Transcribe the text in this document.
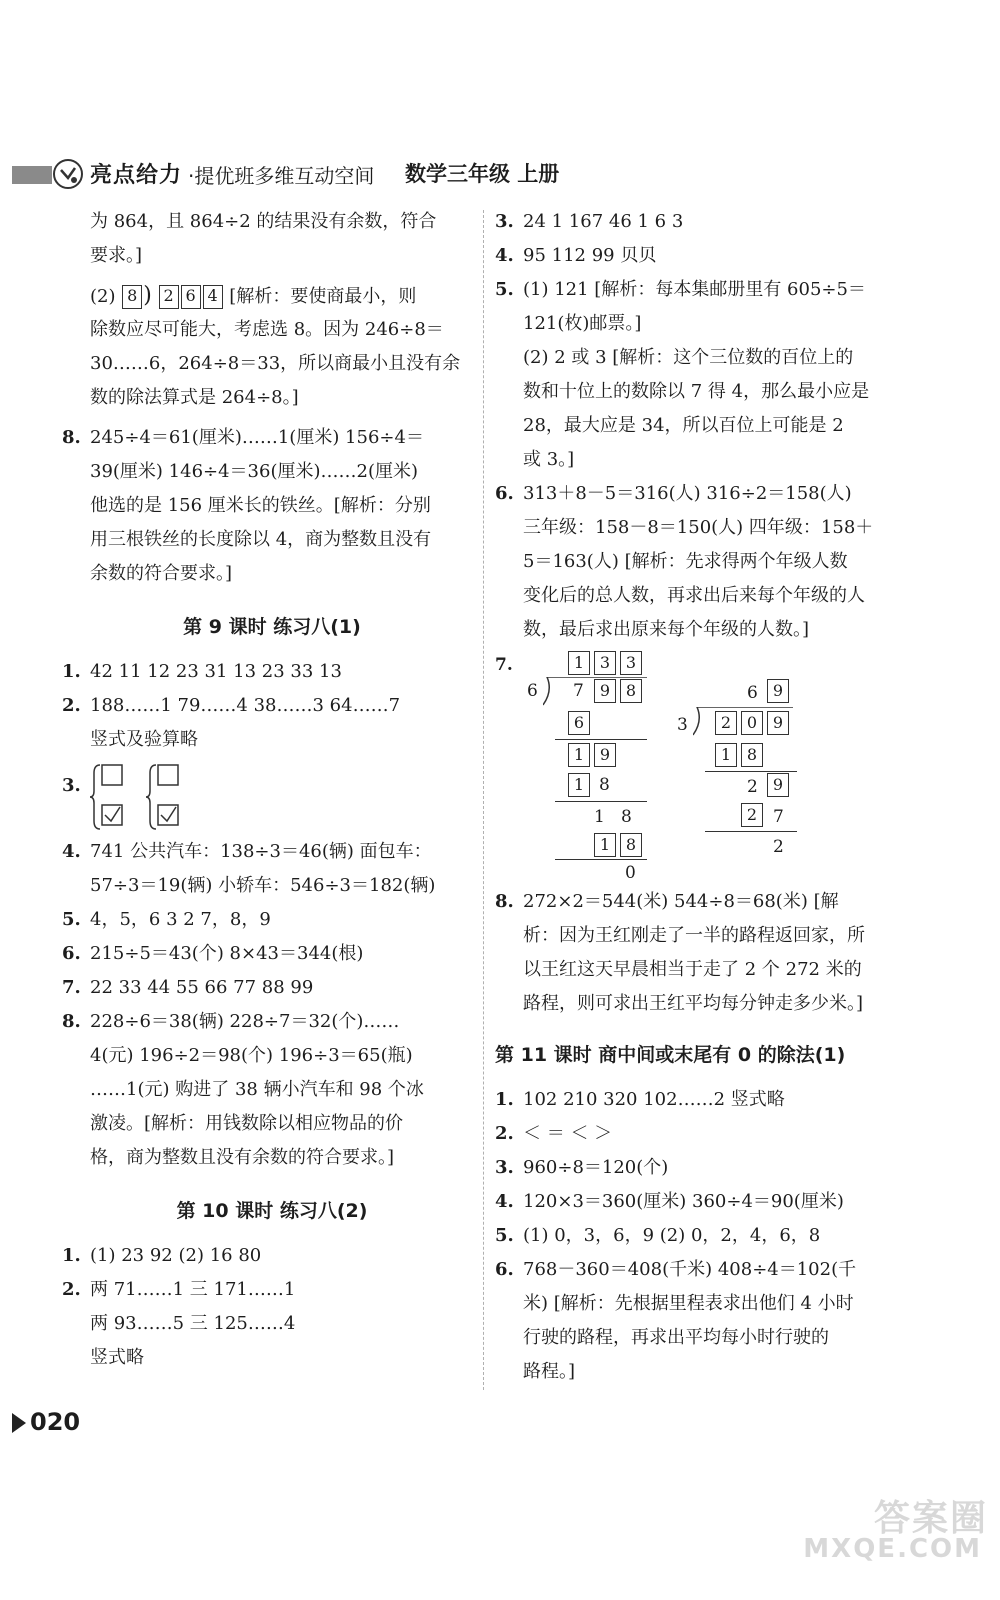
亮点给力 ·提优班多维互动空间 数学三年级 上册
为 864，且 864÷2 的结果没有余数，符合
要求。]
(2) 8 ) 2 6 4 [解析：要使商最小，则
除数应尽可能大，考虑选 8。因为 246÷8＝
30……6，264÷8＝33，所以商最小且没有余
数的除法算式是 264÷8。]
8. 245÷4＝61(厘米)……1(厘米) 156÷4＝
39(厘米) 146÷4＝36(厘米)……2(厘米)
他选的是 156 厘米长的铁丝。[解析：分别
用三根铁丝的长度除以 4，商为整数且没有
余数的符合要求。]
第 9 课时 练习八(1)
1. 42 11 12 23 31 13 23 33 13
2. 188……1 79……4 38……3 64……7
竖式及验算略
3.
4. 741 公共汽车：138÷3＝46(辆) 面包车：
57÷3＝19(辆) 小轿车：546÷3＝182(辆)
5. 4，5，6 3 2 7，8，9
6. 215÷5＝43(个) 8×43＝344(根)
7. 22 33 44 55 66 77 88 99
8. 228÷6＝38(辆) 228÷7＝32(个)……
4(元) 196÷2＝98(个) 196÷3＝65(瓶)
……1(元) 购进了 38 辆小汽车和 98 个冰
激凌。[解析：用钱数除以相应物品的价
格，商为整数且没有余数的符合要求。]
第 10 课时 练习八(2)
1. (1) 23 92 (2) 16 80
2. 两 71……1 三 171……1
两 93……5 三 125……4
竖式略
3. 24 1 167 46 1 6 3
4. 95 112 99 贝贝
5. (1) 121 [解析：每本集邮册里有 605÷5＝
121(枚)邮票。]
(2) 2 或 3 [解析：这个三位数的百位上的
数和十位上的数除以 7 得 4，那么最小应是
28，最大应是 34，所以百位上可能是 2
或 3。]
6. 313＋8－5＝316(人) 316÷2＝158(人)
三年级：158－8＝150(人) 四年级：158＋
5＝163(人) [解析：先求得两个年级人数
变化后的总人数，再求出后来每个年级的人
数，最后求出原来每个年级的人数。]
7.	1 3 3
6 7	9 8
6
1 9
1 8
1   8
1 8
0
6 9
3	2 0 9
1 8
2 9
2 7
2
8. 272×2＝544(米) 544÷8＝68(米) [解
析：因为王红刚走了一半的路程返回家，所
以王红这天早晨相当于走了 2 个 272 米的
路程，则可求出王红平均每分钟走多少米。]
第 11 课时 商中间或末尾有 0 的除法(1)
1. 102 210 320 102……2 竖式略
2. ＜ ＝ ＜ ＞
3. 960÷8＝120(个)
4. 120×3＝360(厘米) 360÷4＝90(厘米)
5. (1) 0，3，6，9 (2) 0，2，4，6，8
6. 768－360＝408(千米) 408÷4＝102(千
米) [解析：先根据里程表求出他们 4 小时
行驶的路程，再求出平均每小时行驶的
路程。]
020
答案圈
MXQE.COM
